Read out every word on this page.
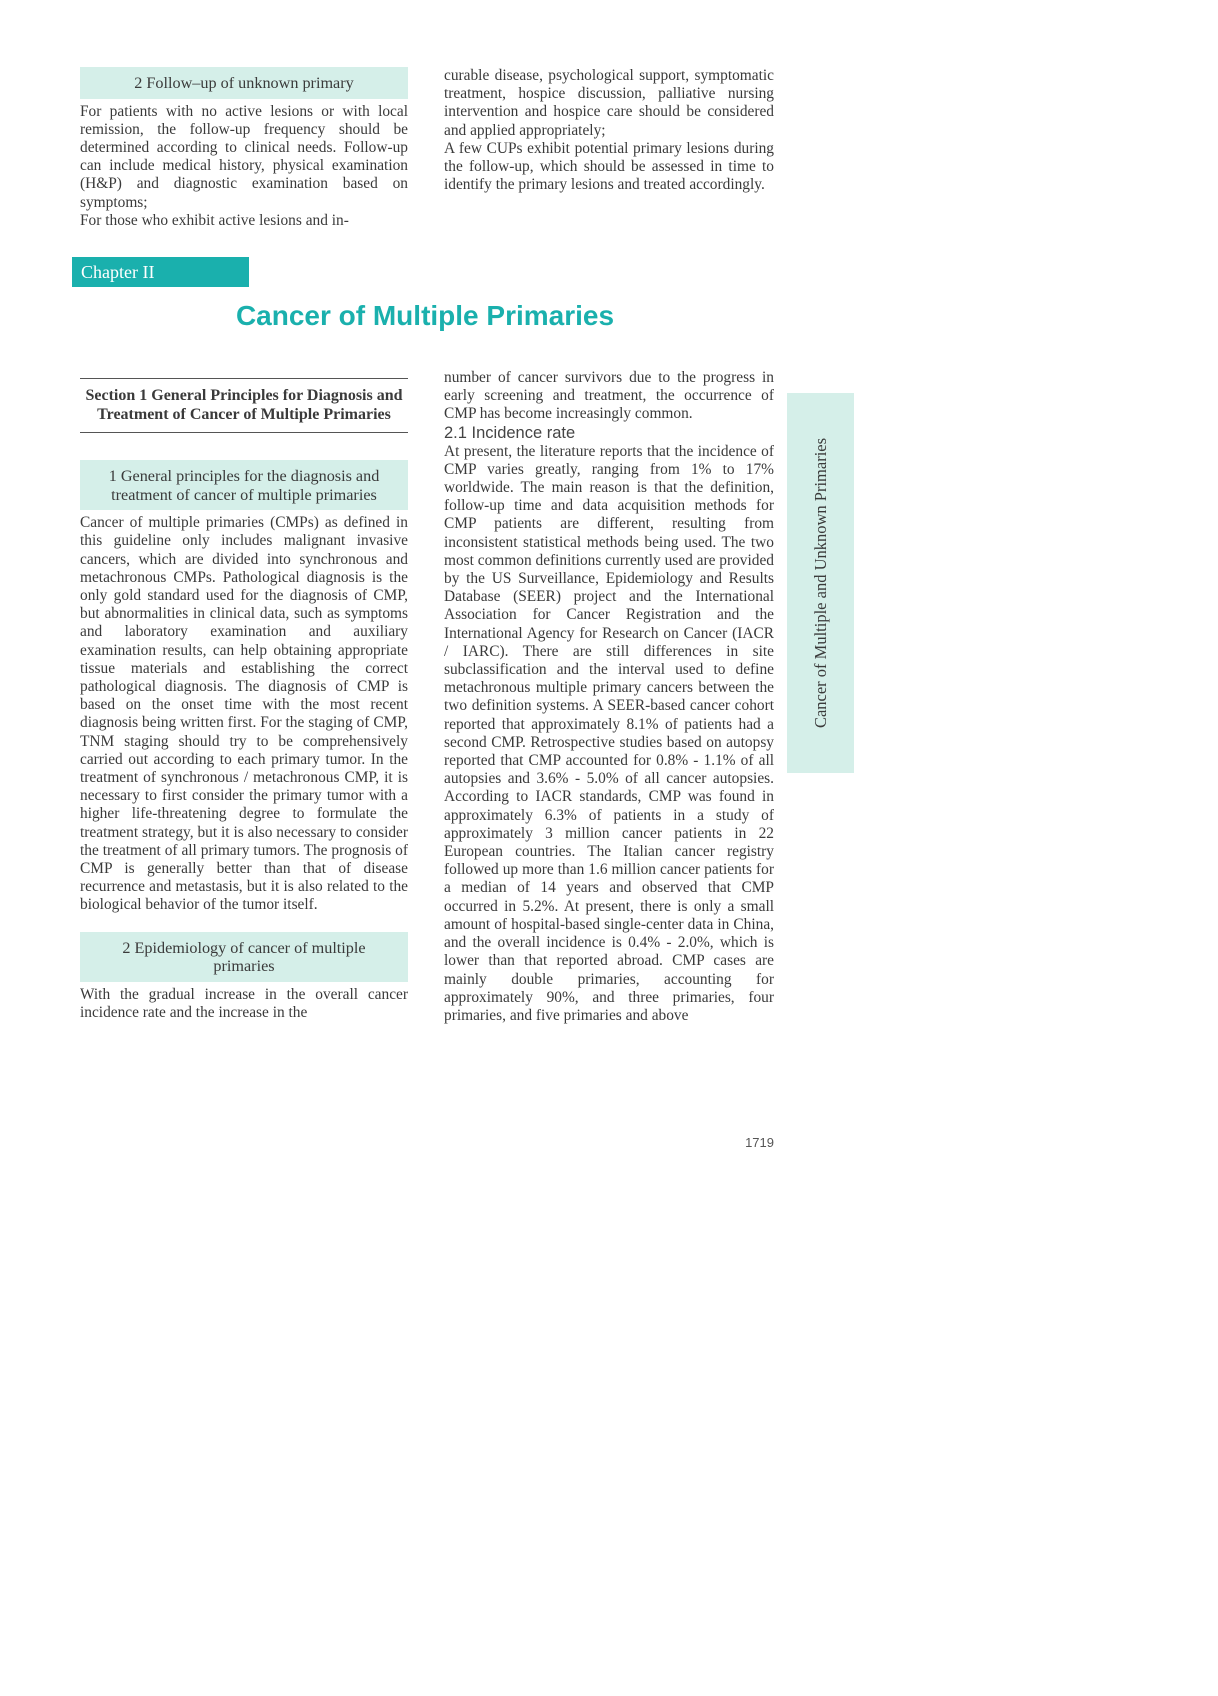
2 Follow–up of unknown primary

For patients with no active lesions or with local remission, the follow-up frequency should be determined according to clinical needs. Follow-up can include medical history, physical examination (H&P) and diagnostic examination based on symptoms;

For those who exhibit active lesions and in-

curable disease, psychological support, symptomatic treatment, hospice discussion, palliative nursing intervention and hospice care should be considered and applied appropriately;

A few CUPs exhibit potential primary lesions during the follow-up, which should be assessed in time to identify the primary lesions and treated accordingly.

Chapter II
Cancer of Multiple Primaries
Section 1 General Principles for Diagnosis and Treatment of Cancer of Multiple Primaries
1 General principles for the diagnosis and treatment of cancer of multiple primaries

Cancer of multiple primaries (CMPs) as defined in this guideline only includes malignant invasive cancers, which are divided into synchronous and metachronous CMPs. Pathological diagnosis is the only gold standard used for the diagnosis of CMP, but abnormalities in clinical data, such as symptoms and laboratory examination and auxiliary examination results, can help obtaining appropriate tissue materials and establishing the correct pathological diagnosis. The diagnosis of CMP is based on the onset time with the most recent diagnosis being written first. For the staging of CMP, TNM staging should try to be comprehensively carried out according to each primary tumor. In the treatment of synchronous / metachronous CMP, it is necessary to first consider the primary tumor with a higher life-threatening degree to formulate the treatment strategy, but it is also necessary to consider the treatment of all primary tumors. The prognosis of CMP is generally better than that of disease recurrence and metastasis, but it is also related to the biological behavior of the tumor itself.

2 Epidemiology of cancer of multiple primaries

With the gradual increase in the overall cancer incidence rate and the increase in the

number of cancer survivors due to the progress in early screening and treatment, the occurrence of CMP has become increasingly common.

2.1 Incidence rate

At present, the literature reports that the incidence of CMP varies greatly, ranging from 1% to 17% worldwide. The main reason is that the definition, follow-up time and data acquisition methods for CMP patients are different, resulting from inconsistent statistical methods being used. The two most common definitions currently used are provided by the US Surveillance, Epidemiology and Results Database (SEER) project and the International Association for Cancer Registration and the International Agency for Research on Cancer (IACR / IARC). There are still differences in site subclassification and the interval used to define metachronous multiple primary cancers between the two definition systems. A SEER-based cancer cohort reported that approximately 8.1% of patients had a second CMP. Retrospective studies based on autopsy reported that CMP accounted for 0.8% - 1.1% of all autopsies and 3.6% - 5.0% of all cancer autopsies. According to IACR standards, CMP was found in approximately 6.3% of patients in a study of approximately 3 million cancer patients in 22 European countries. The Italian cancer registry followed up more than 1.6 million cancer patients for a median of 14 years and observed that CMP occurred in 5.2%. At present, there is only a small amount of hospital-based single-center data in China, and the overall incidence is 0.4% - 2.0%, which is lower than that reported abroad. CMP cases are mainly double primaries, accounting for approximately 90%, and three primaries, four primaries, and five primaries and above

Cancer of Multiple and Unknown Primaries
1719
